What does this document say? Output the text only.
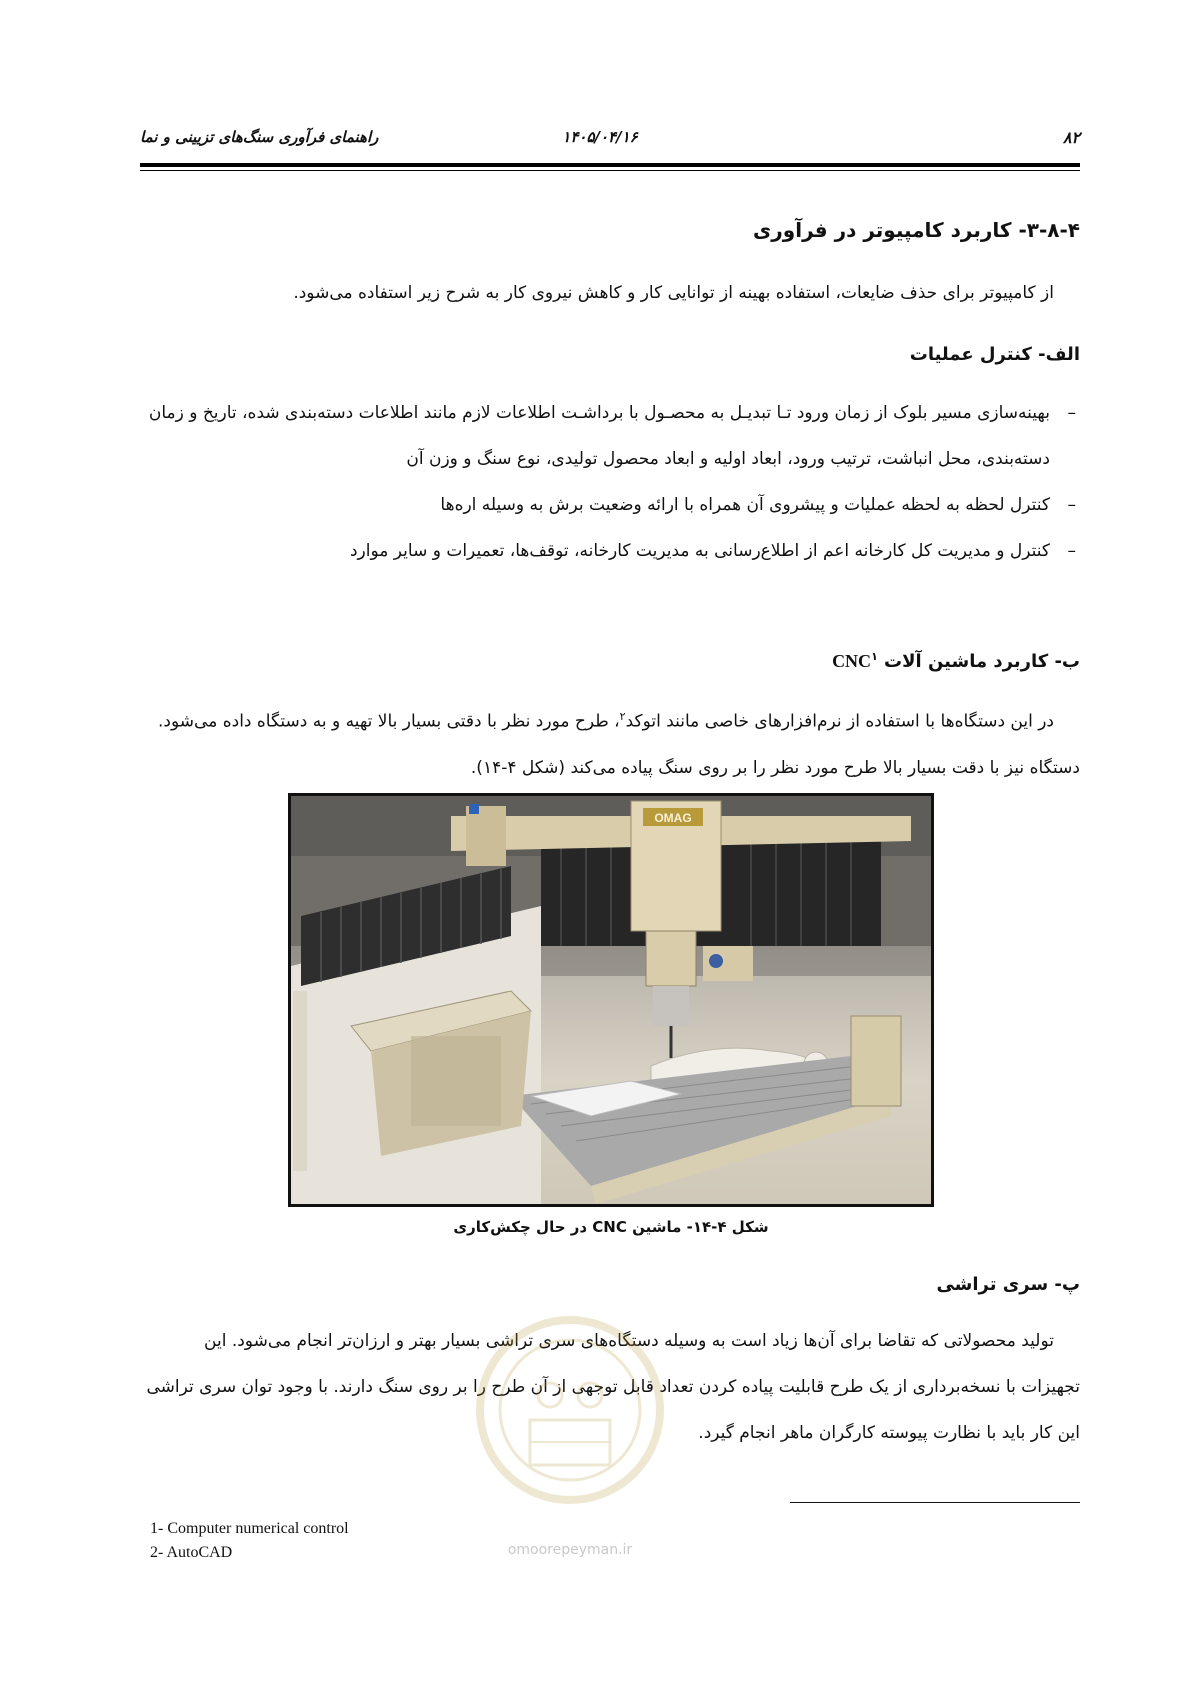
راهنمای فرآوری سنگ‌های تزیینی و نما	۱۴۰۵/۰۴/۱۶	۸۲
۳-۸-۴- کاربرد کامپیوتر در فرآوری
از کامپیوتر برای حذف ضایعات، استفاده بهینه از توانایی کار و کاهش نیروی کار به شرح زیر استفاده می‌شود.
الف- کنترل عملیات
–
بهینه‌سازی مسیر بلوک از زمان ورود تـا تبدیـل به محصـول با برداشـت اطلاعات لازم مانند اطلاعات دسته‌بندی شده، تاریخ و زمان دسته‌بندی، محل انباشت، ترتیب ورود، ابعاد اولیه و ابعاد محصول تولیدی، نوع سنگ و وزن آن
–
کنترل لحظه به لحظه عملیات و پیشروی آن همراه با ارائه وضعیت برش به وسیله اره‌ها
–
کنترل و مدیریت کل کارخانه اعم از اطلاع‌رسانی به مدیریت کارخانه، توقف‌ها، تعمیرات و سایر موارد
ب- کاربرد ماشین آلات CNC$^۱$
در این دستگاه‌ها با استفاده از نرم‌افزارهای خاصی مانند اتوکد$^۲$، طرح مورد نظر با دقتی بسیار بالا تهیه و به دستگاه داده می‌شود. دستگاه نیز با دقت بسیار بالا طرح مورد نظر را بر روی سنگ پیاده می‌کند (شکل ۴-۱۴).
OMAG
شکل ۴-۱۴- ماشین CNC در حال چکش‌کاری
پ- سری تراشی
تولید محصولاتی که تقاضا برای آن‌ها زیاد است به وسیله دستگاه‌های سری تراشی بسیار بهتر و ارزان‌تر انجام می‌شود. این تجهیزات با نسخه‌برداری از یک طرح قابلیت پیاده کردن تعداد قابل توجهی از آن طرح را بر روی سنگ دارند. با وجود توان سری تراشی این کار باید با نظارت پیوسته کارگران ماهر انجام گیرد.
omoorepeyman.ir
1- Computer numerical control
2- AutoCAD
